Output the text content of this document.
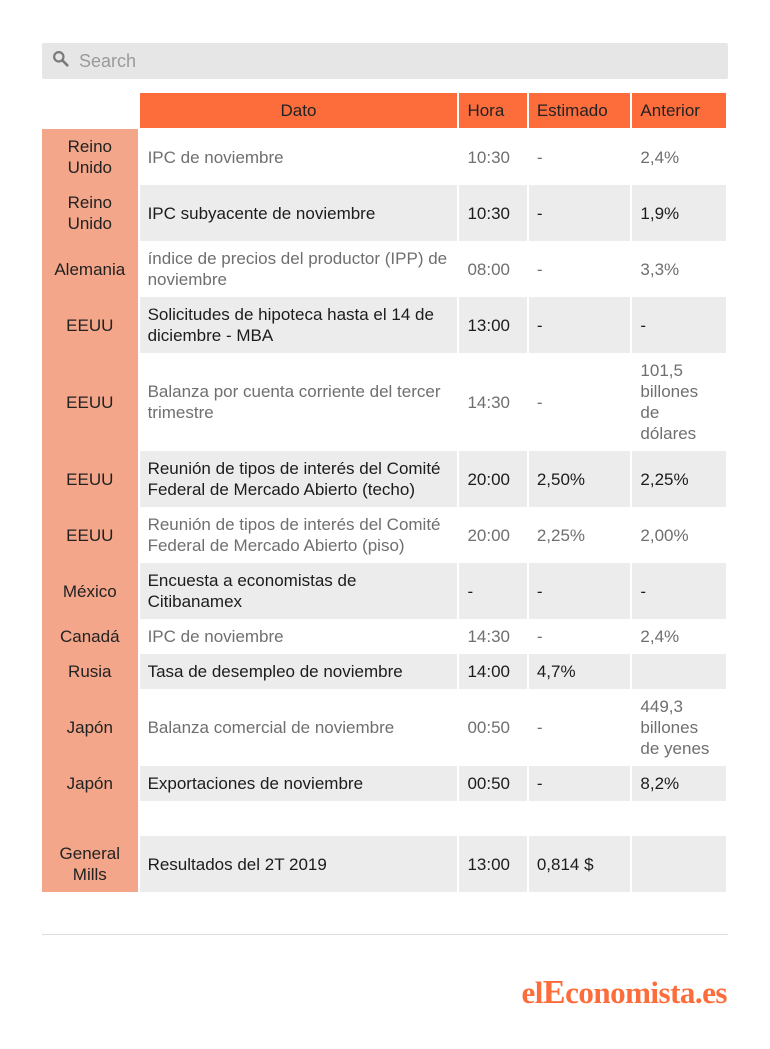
Search
	Dato	Hora	Estimado	Anterior
Reino Unido	IPC de noviembre	10:30	-	2,4%
Reino Unido	IPC subyacente de noviembre	10:30	-	1,9%
Alemania	índice de precios del productor (IPP) de noviembre	08:00	-	3,3%
EEUU	Solicitudes de hipoteca hasta el 14 de diciembre - MBA	13:00	-	-
EEUU	Balanza por cuenta corriente del tercer trimestre	14:30	-	101,5 billones de dólares
EEUU	Reunión de tipos de interés del Comité Federal de Mercado Abierto (techo)	20:00	2,50%	2,25%
EEUU	Reunión de tipos de interés del Comité Federal de Mercado Abierto (piso)	20:00	2,25%	2,00%
México	Encuesta a economistas de Citibanamex	-	-	-
Canadá	IPC de noviembre	14:30	-	2,4%
Rusia	Tasa de desempleo de noviembre	14:00	4,7%	
Japón	Balanza comercial de noviembre	00:50	-	449,3 billones de yenes
Japón	Exportaciones de noviembre	00:50	-	8,2%

General Mills	Resultados del 2T 2019	13:00	0,814 $	
elEconomista.es
